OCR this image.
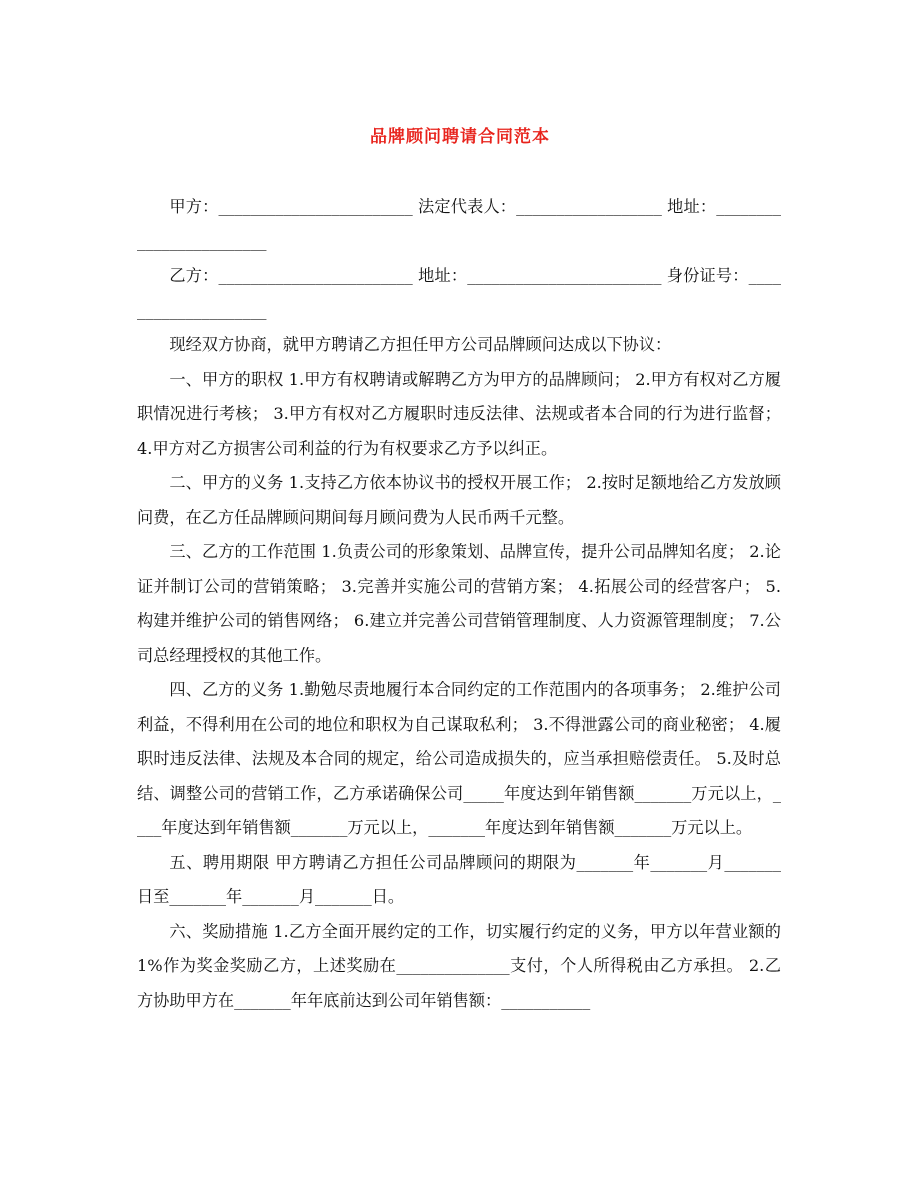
品牌顾问聘请合同范本

甲方：________________________ 法定代表人：__________________ 地址：________________________

乙方：________________________ 地址：________________________ 身份证号：____________________

现经双方协商，就甲方聘请乙方担任甲方公司品牌顾问达成以下协议：

一、甲方的职权 1.甲方有权聘请或解聘乙方为甲方的品牌顾问； 2.甲方有权对乙方履职情况进行考核； 3.甲方有权对乙方履职时违反法律、法规或者本合同的行为进行监督； 4.甲方对乙方损害公司利益的行为有权要求乙方予以纠正。

二、甲方的义务 1.支持乙方依本协议书的授权开展工作； 2.按时足额地给乙方发放顾问费，在乙方任品牌顾问期间每月顾问费为人民币两千元整。

三、乙方的工作范围 1.负责公司的形象策划、品牌宣传，提升公司品牌知名度； 2.论证并制订公司的营销策略； 3.完善并实施公司的营销方案； 4.拓展公司的经营客户； 5.构建并维护公司的销售网络； 6.建立并完善公司营销管理制度、人力资源管理制度； 7.公司总经理授权的其他工作。

四、乙方的义务 1.勤勉尽责地履行本合同约定的工作范围内的各项事务； 2.维护公司利益，不得利用在公司的地位和职权为自己谋取私利； 3.不得泄露公司的商业秘密； 4.履职时违反法律、法规及本合同的规定，给公司造成损失的，应当承担赔偿责任。 5.及时总结、调整公司的营销工作，乙方承诺确保公司_____年度达到年销售额_______万元以上，____年度达到年销售额_______万元以上，_______年度达到年销售额_______万元以上。

五、聘用期限 甲方聘请乙方担任公司品牌顾问的期限为_______年_______月_______日至_______年_______月_______日。

六、奖励措施 1.乙方全面开展约定的工作，切实履行约定的义务，甲方以年营业额的 1%作为奖金奖励乙方，上述奖励在______________支付，个人所得税由乙方承担。 2.乙方协助甲方在_______年年底前达到公司年销售额：___________
